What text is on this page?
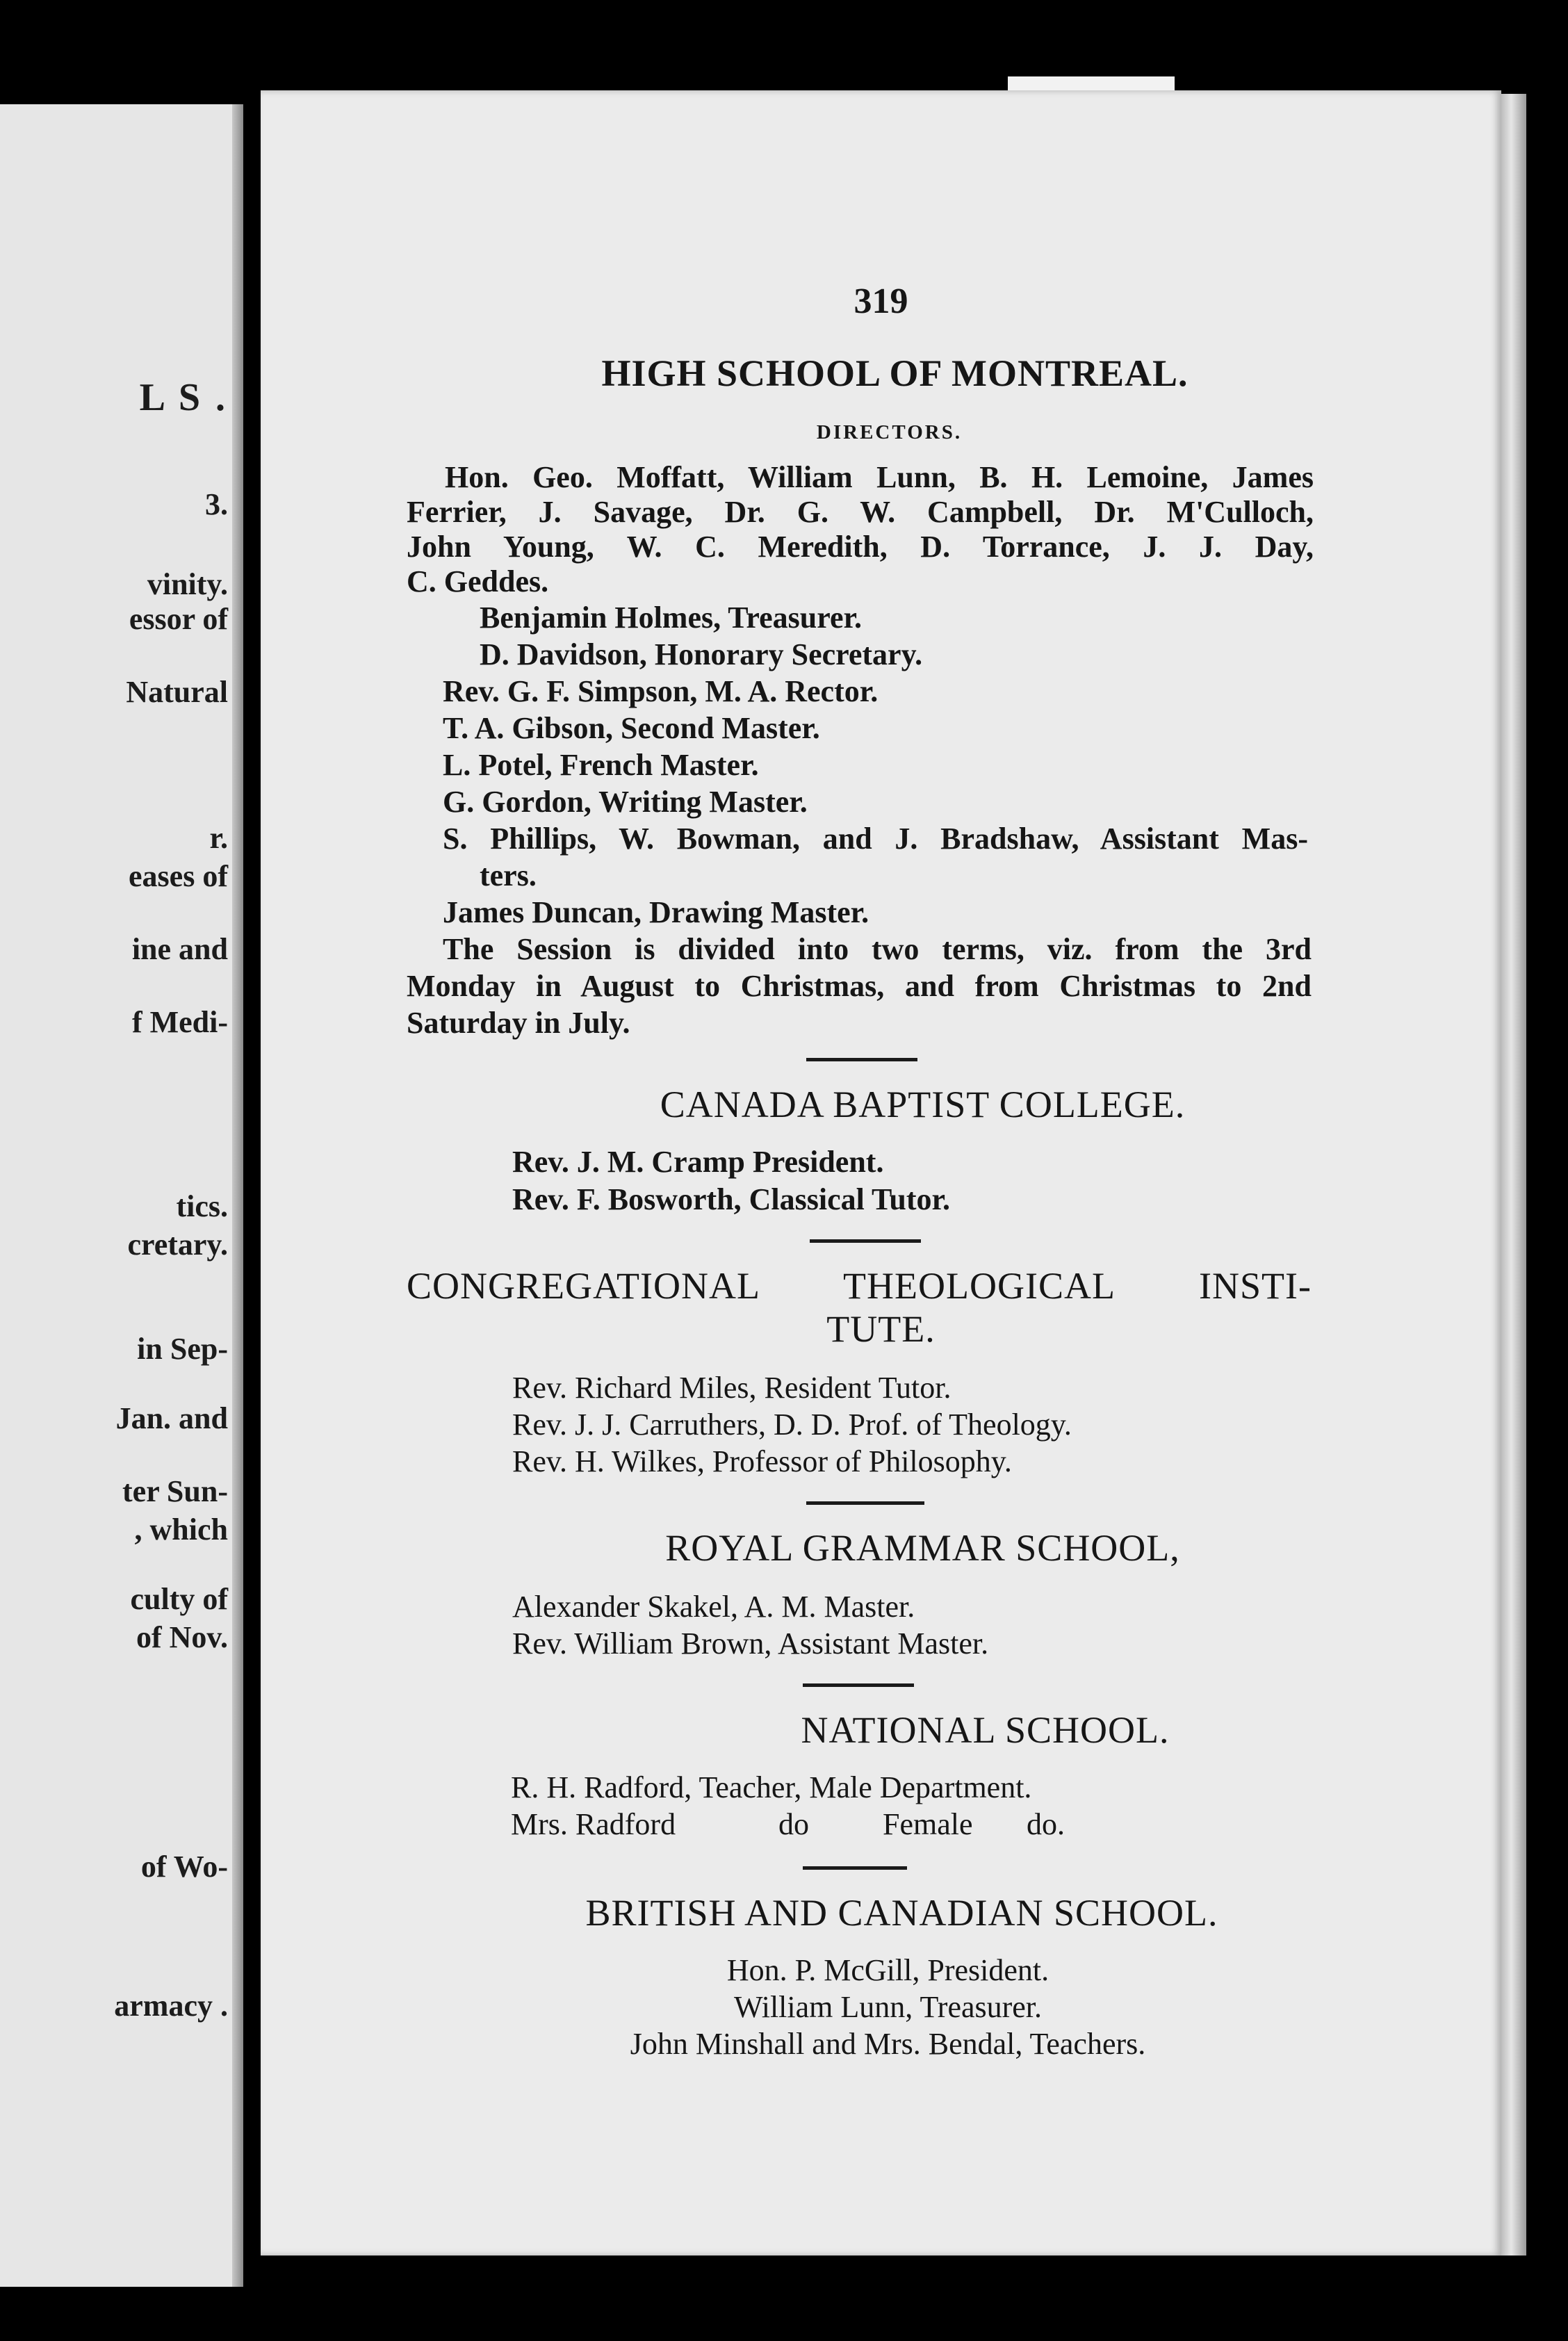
L S .
3.
vinity.
essor of
Natural
r.
eases of
ine and
f Medi-
tics.
cretary.
in Sep-
Jan. and
ter Sun-
, which
culty of
of Nov.
of Wo-
armacy .
319
HIGH SCHOOL OF MONTREAL.
DIRECTORS.
Hon. Geo. Moffatt, William Lunn, B. H. Lemoine, James
Ferrier, J. Savage, Dr. G. W. Campbell, Dr. M'Culloch,
John Young, W. C. Meredith, D. Torrance, J. J. Day,
C. Geddes.
Benjamin Holmes, Treasurer.
D. Davidson, Honorary Secretary.
Rev. G. F. Simpson, M. A. Rector.
T. A. Gibson, Second Master.
L. Potel, French Master.
G. Gordon, Writing Master.
S. Phillips, W. Bowman, and J. Bradshaw, Assistant Mas-
ters.
James Duncan, Drawing Master.
The Session is divided into two terms, viz. from the 3rd
Monday in August to Christmas, and from Christmas to 2nd
Saturday in July.
CANADA BAPTIST COLLEGE.
Rev. J. M. Cramp President.
Rev. F. Bosworth, Classical Tutor.
CONGREGATIONAL THEOLOGICAL INSTI-
TUTE.
Rev. Richard Miles, Resident Tutor.
Rev. J. J. Carruthers, D. D. Prof. of Theology.
Rev. H. Wilkes, Professor of Philosophy.
ROYAL GRAMMAR SCHOOL,
Alexander Skakel, A. M. Master.
Rev. William Brown, Assistant Master.
NATIONAL SCHOOL.
R. H. Radford, Teacher, Male Department.
Mrs. Radford	do Female do.
BRITISH AND CANADIAN SCHOOL.
Hon. P. McGill, President.
William Lunn, Treasurer.
John Minshall and Mrs. Bendal, Teachers.
